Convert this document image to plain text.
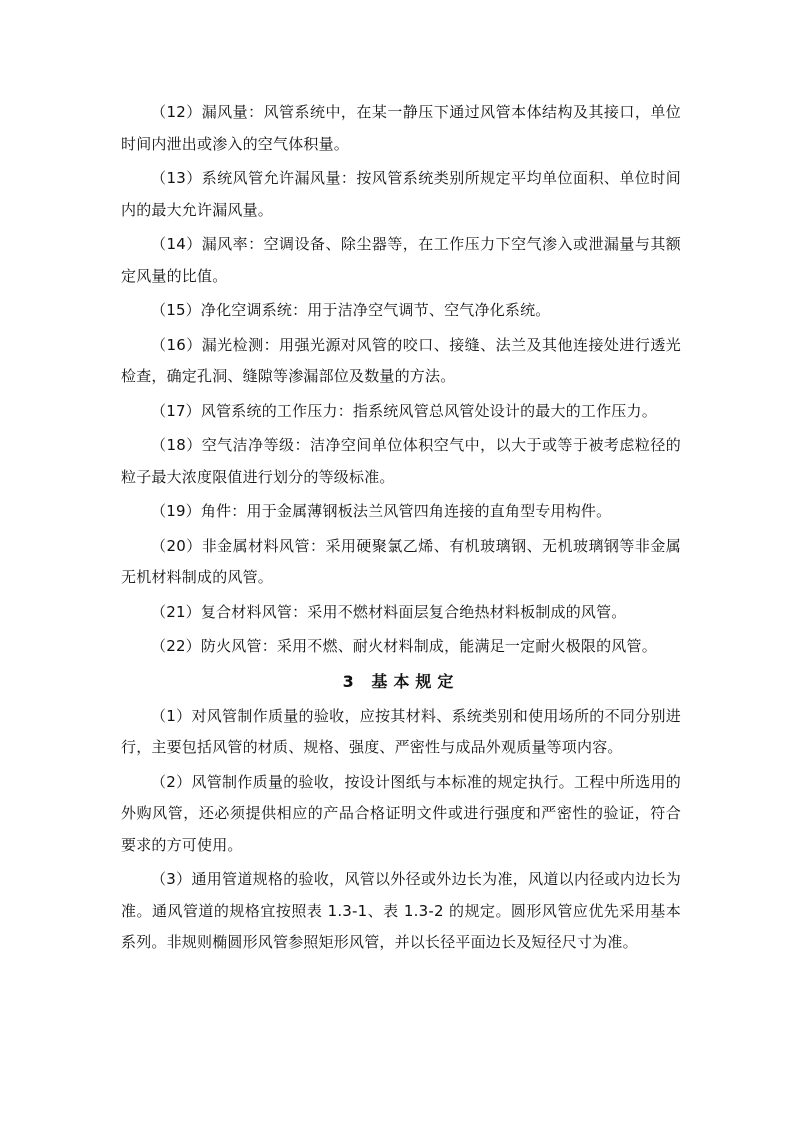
（12）漏风量：风管系统中，在某一静压下通过风管本体结构及其接口，单位时间内泄出或渗入的空气体积量。

（13）系统风管允许漏风量：按风管系统类别所规定平均单位面积、单位时间内的最大允许漏风量。

（14）漏风率：空调设备、除尘器等，在工作压力下空气渗入或泄漏量与其额定风量的比值。

（15）净化空调系统：用于洁净空气调节、空气净化系统。

（16）漏光检测：用强光源对风管的咬口、接缝、法兰及其他连接处进行透光检查，确定孔洞、缝隙等渗漏部位及数量的方法。

（17）风管系统的工作压力：指系统风管总风管处设计的最大的工作压力。

（18）空气洁净等级：洁净空间单位体积空气中，以大于或等于被考虑粒径的粒子最大浓度限值进行划分的等级标准。

（19）角件：用于金属薄钢板法兰风管四角连接的直角型专用构件。

（20）非金属材料风管：采用硬聚氯乙烯、有机玻璃钢、无机玻璃钢等非金属无机材料制成的风管。

（21）复合材料风管：采用不燃材料面层复合绝热材料板制成的风管。

（22）防火风管：采用不燃、耐火材料制成，能满足一定耐火极限的风管。

3 基本规定

（1）对风管制作质量的验收，应按其材料、系统类别和使用场所的不同分别进行，主要包括风管的材质、规格、强度、严密性与成品外观质量等项内容。

（2）风管制作质量的验收，按设计图纸与本标准的规定执行。工程中所选用的外购风管，还必须提供相应的产品合格证明文件或进行强度和严密性的验证，符合要求的方可使用。

（3）通用管道规格的验收，风管以外径或外边长为准，风道以内径或内边长为准。通风管道的规格宜按照表 1.3-1、表 1.3-2 的规定。圆形风管应优先采用基本系列。非规则椭圆形风管参照矩形风管，并以长径平面边长及短径尺寸为准。
